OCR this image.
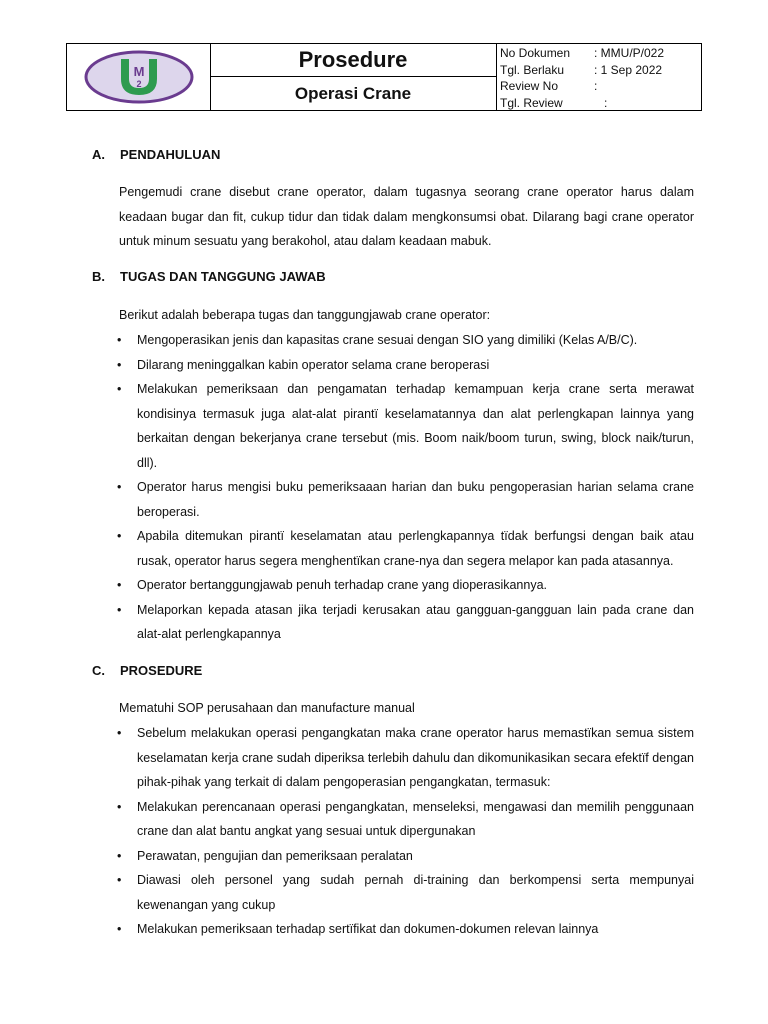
M
2
Prosedure
Operasi Crane
No Dokumen	: MMU/P/022
Tgl. Berlaku	: 1 Sep 2022
Review No	:
Tgl. Review	:
A. PENDAHULUAN
Pengemudi crane disebut crane operator, dalam tugasnya seorang crane operator harus dalam keadaan bugar dan fit, cukup tidur dan tidak dalam mengkonsumsi obat. Dilarang bagi crane operator untuk minum sesuatu yang berakohol, atau dalam keadaan mabuk.
B. TUGAS DAN TANGGUNG JAWAB
Berikut adalah beberapa tugas dan tanggungjawab crane operator:
• Mengoperasikan jenis dan kapasitas crane sesuai dengan SIO yang dimiliki (Kelas A/B/C).
• Dilarang meninggalkan kabin operator selama crane beroperasi
• Melakukan pemeriksaan dan pengamatan terhadap kemampuan kerja crane serta merawat kondisinya termasuk juga alat-alat pirantï keselamatannya dan alat perlengkapan lainnya yang berkaitan dengan bekerjanya crane tersebut (mis. Boom naik/boom turun, swing, block naik/turun, dll).
• Operator harus mengisi buku pemeriksaaan harian dan buku pengoperasian harian selama crane beroperasi.
• Apabila ditemukan pirantï keselamatan atau perlengkapannya tïdak berfungsi dengan baik atau rusak, operator harus segera menghentïkan crane-nya dan segera melapor kan pada atasannya.
• Operator bertanggungjawab penuh terhadap crane yang dioperasikannya.
• Melaporkan kepada atasan jika terjadi kerusakan atau gangguan-gangguan lain pada crane dan alat-alat perlengkapannya
C. PROSEDURE
Mematuhi SOP perusahaan dan manufacture manual
• Sebelum melakukan operasi pengangkatan maka crane operator harus memastïkan semua sistem keselamatan kerja crane sudah diperiksa terlebih dahulu dan dikomunikasikan secara efektïf dengan pihak-pihak yang terkait di dalam pengoperasian pengangkatan, termasuk:
• Melakukan perencanaan operasi pengangkatan, menseleksi, mengawasi dan memilih penggunaan crane dan alat bantu angkat yang sesuai untuk dipergunakan
• Perawatan, pengujian dan pemeriksaan peralatan
• Diawasi oleh personel yang sudah pernah di-training dan berkompensi serta mempunyai kewenangan yang cukup
• Melakukan pemeriksaan terhadap sertïfikat dan dokumen-dokumen relevan lainnya
